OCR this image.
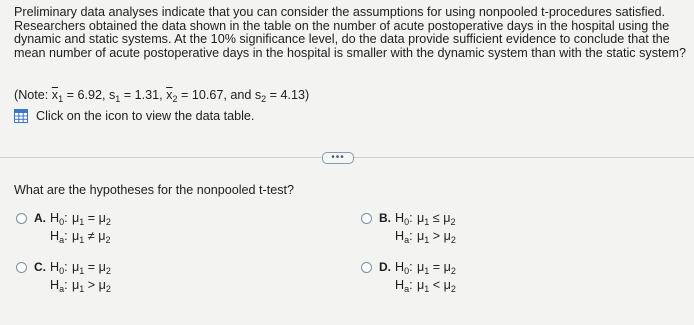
Preliminary data analyses indicate that you can consider the assumptions for using nonpooled t-procedures satisfied. Researchers obtained the data shown in the table on the number of acute postoperative days in the hospital using the dynamic and static systems. At the 10% significance level, do the data provide sufficient evidence to conclude that the mean number of acute postoperative days in the hospital is smaller with the dynamic system than with the static system?
(Note: $\overline{x}_1 = 6.92$, $s_1 = 1.31$, $\overline{x}_2 = 10.67$, and $s_2 = 4.13$)
Click on the icon to view the data table.
•••
What are the hypotheses for the nonpooled t-test?
A. $H_0$: $\mu_1 = \mu_2$
$H_a$: $\mu_1 \ne \mu_2$
B. $H_0$: $\mu_1 \le \mu_2$
$H_a$: $\mu_1 > \mu_2$
C. $H_0$: $\mu_1 = \mu_2$
$H_a$: $\mu_1 > \mu_2$
D. $H_0$: $\mu_1 = \mu_2$
$H_a$: $\mu_1 < \mu_2$
